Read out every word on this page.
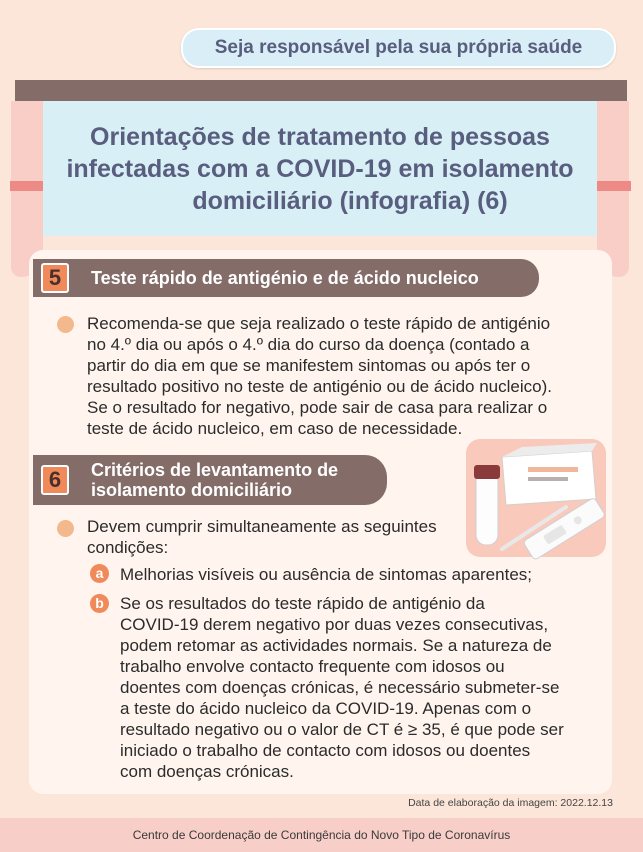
Seja responsável pela sua própria saúde
Orientações de tratamento de pessoas
infectadas com a COVID-19 em isolamento
domiciliário (infografia) (6)
5	Teste rápido de antigénio e de ácido nucleico
Recomenda-se que seja realizado o teste rápido de antigénio
no 4.º dia ou após o 4.º dia do curso da doença (contado a
partir do dia em que se manifestem sintomas ou após ter o
resultado positivo no teste de antigénio ou de ácido nucleico).
Se o resultado for negativo, pode sair de casa para realizar o
teste de ácido nucleico, em caso de necessidade.
6	Critérios de levantamento de
isolamento domiciliário
Devem cumprir simultaneamente as seguintes
condições:
a Melhorias visíveis ou ausência de sintomas aparentes;
b Se os resultados do teste rápido de antigénio da
COVID-19 derem negativo por duas vezes consecutivas,
podem retomar as actividades normais. Se a natureza de
trabalho envolve contacto frequente com idosos ou
doentes com doenças crónicas, é necessário submeter-se
a teste do ácido nucleico da COVID-19. Apenas com o
resultado negativo ou o valor de CT é ≥ 35, é que pode ser
iniciado o trabalho de contacto com idosos ou doentes
com doenças crónicas.
Data de elaboração da imagem: 2022.12.13
Centro de Coordenação de Contingência do Novo Tipo de Coronavírus
